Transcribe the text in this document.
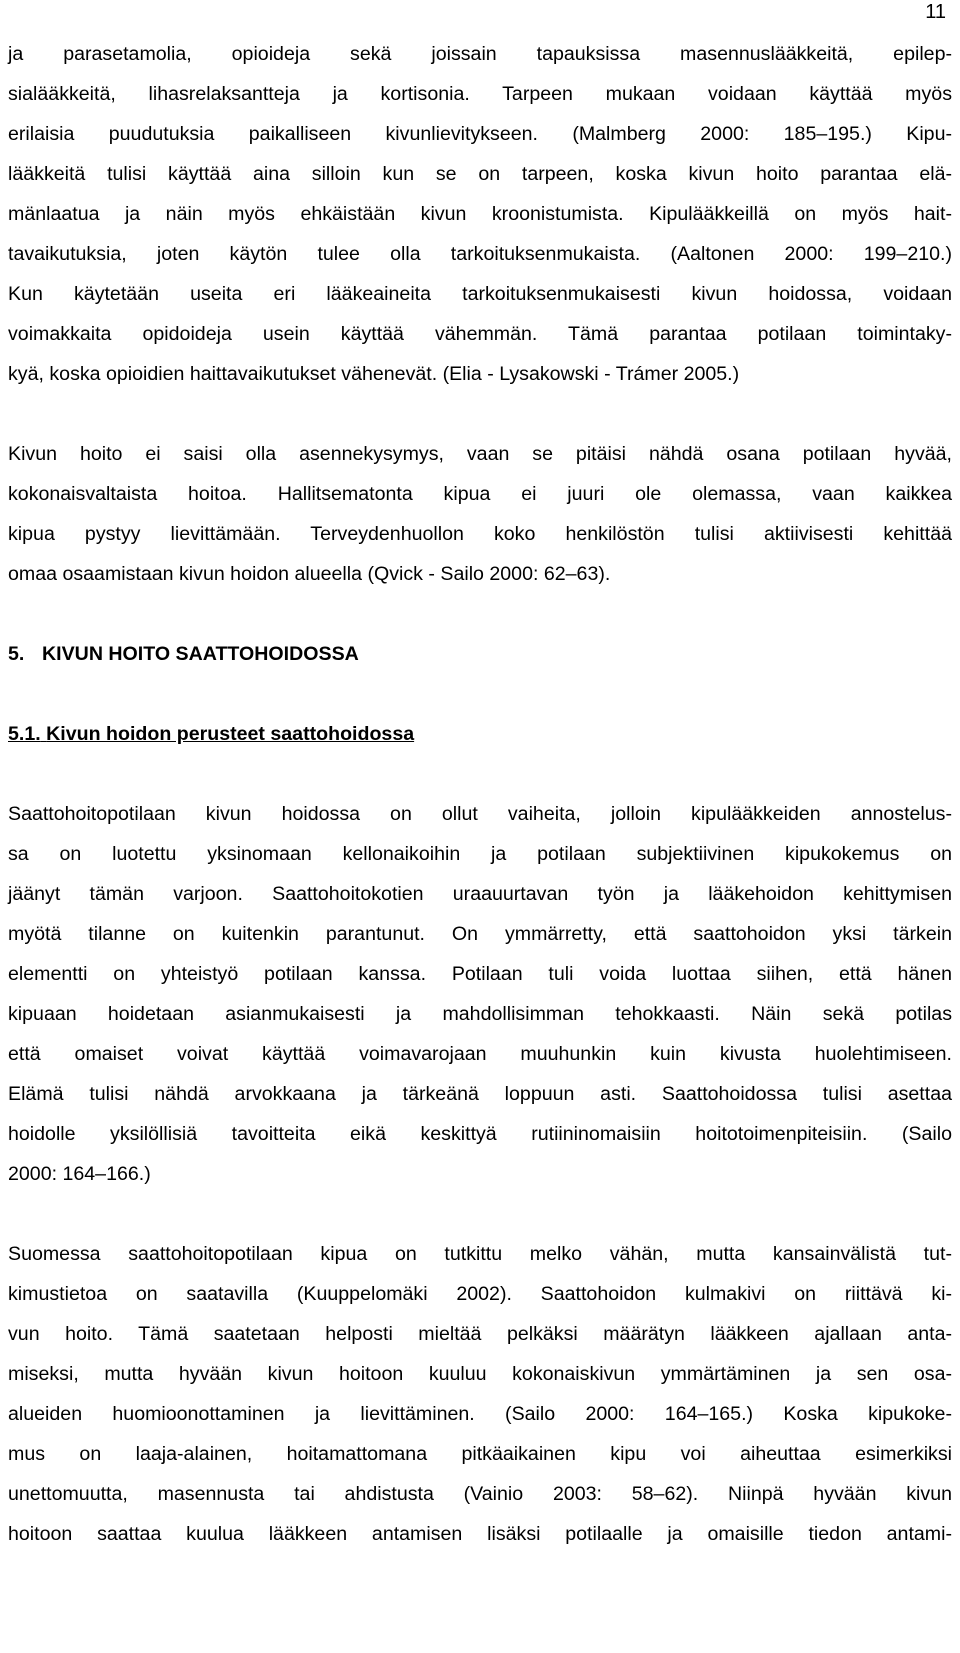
11

ja parasetamolia, opioideja sekä joissain tapauksissa masennuslääkkeitä, epilep-
sialääkkeitä, lihasrelaksantteja ja kortisonia. Tarpeen mukaan voidaan käyttää myös
erilaisia puudutuksia paikalliseen kivunlievitykseen. (Malmberg 2000: 185–195.) Kipu-
lääkkeitä tulisi käyttää aina silloin kun se on tarpeen, koska kivun hoito parantaa elä-
mänlaatua ja näin myös ehkäistään kivun kroonistumista. Kipulääkkeillä on myös hait-
tavaikutuksia, joten käytön tulee olla tarkoituksenmukaista. (Aaltonen 2000: 199–210.)
Kun käytetään useita eri lääkeaineita tarkoituksenmukaisesti kivun hoidossa, voidaan
voimakkaita opidoideja usein käyttää vähemmän. Tämä parantaa potilaan toimintaky-
kyä, koska opioidien haittavaikutukset vähenevät. (Elia - Lysakowski - Trámer 2005.)

Kivun hoito ei saisi olla asennekysymys, vaan se pitäisi nähdä osana potilaan hyvää,
kokonaisvaltaista hoitoa. Hallitsematonta kipua ei juuri ole olemassa, vaan kaikkea
kipua pystyy lievittämään. Terveydenhuollon koko henkilöstön tulisi aktiivisesti kehittää
omaa osaamistaan kivun hoidon alueella (Qvick - Sailo 2000: 62–63).

5. KIVUN HOITO SAATTOHOIDOSSA
5.1. Kivun hoidon perusteet saattohoidossa

Saattohoitopotilaan kivun hoidossa on ollut vaiheita, jolloin kipulääkkeiden annostelus-
sa on luotettu yksinomaan kellonaikoihin ja potilaan subjektiivinen kipukokemus on
jäänyt tämän varjoon. Saattohoitokotien uraauurtavan työn ja lääkehoidon kehittymisen
myötä tilanne on kuitenkin parantunut. On ymmärretty, että saattohoidon yksi tärkein
elementti on yhteistyö potilaan kanssa. Potilaan tuli voida luottaa siihen, että hänen
kipuaan hoidetaan asianmukaisesti ja mahdollisimman tehokkaasti. Näin sekä potilas
että omaiset voivat käyttää voimavarojaan muuhunkin kuin kivusta huolehtimiseen.
Elämä tulisi nähdä arvokkaana ja tärkeänä loppuun asti. Saattohoidossa tulisi asettaa
hoidolle yksilöllisiä tavoitteita eikä keskittyä rutiininomaisiin hoitotoimenpiteisiin. (Sailo
2000: 164–166.)

Suomessa saattohoitopotilaan kipua on tutkittu melko vähän, mutta kansainvälistä tut-
kimustietoa on saatavilla (Kuuppelomäki 2002). Saattohoidon kulmakivi on riittävä ki-
vun hoito. Tämä saatetaan helposti mieltää pelkäksi määrätyn lääkkeen ajallaan anta-
miseksi, mutta hyvään kivun hoitoon kuuluu kokonaiskivun ymmärtäminen ja sen osa-
alueiden huomioonottaminen ja lievittäminen. (Sailo 2000: 164–165.) Koska kipukoke-
mus on laaja-alainen, hoitamattomana pitkäaikainen kipu voi aiheuttaa esimerkiksi
unettomuutta, masennusta tai ahdistusta (Vainio 2003: 58–62). Niinpä hyvään kivun
hoitoon saattaa kuulua lääkkeen antamisen lisäksi potilaalle ja omaisille tiedon antami-
